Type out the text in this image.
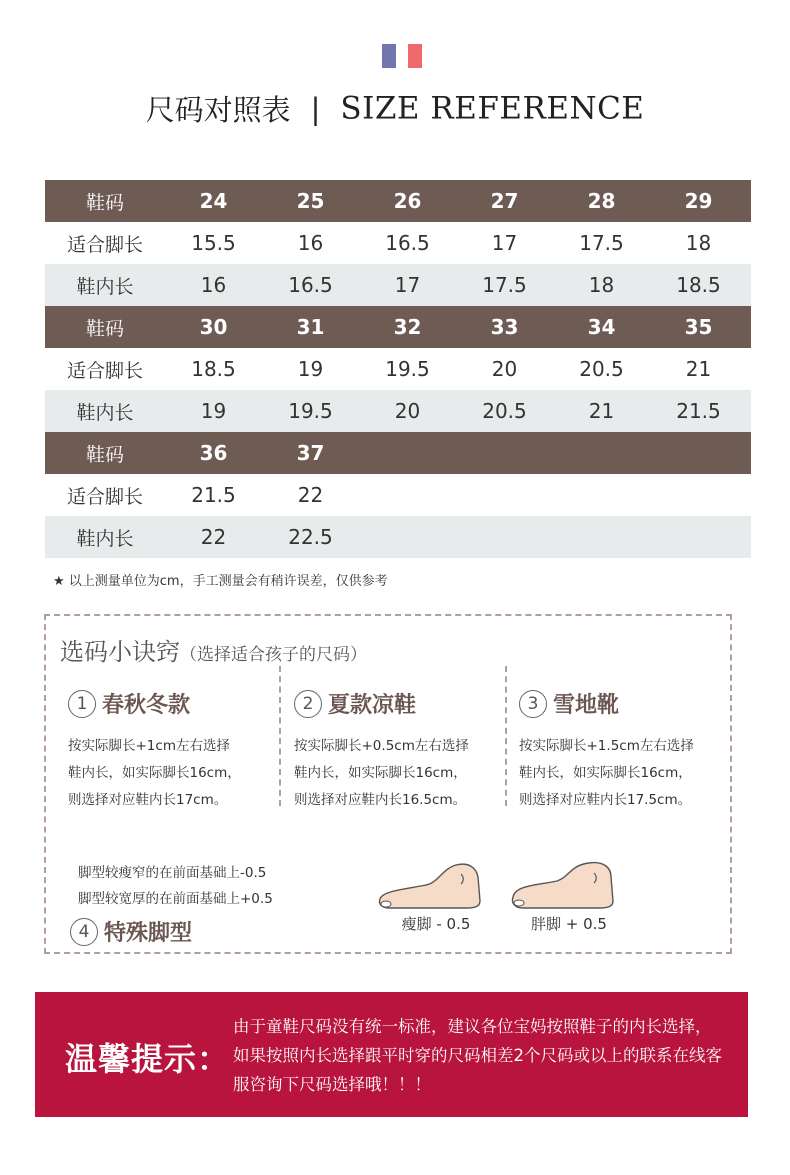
尺码对照表 | SIZE REFERENCE
鞋码	24	25	26	27	28	29
适合脚长	15.5	16	16.5	17	17.5	18
鞋内长	16	16.5	17	17.5	18	18.5
鞋码	30	31	32	33	34	35
适合脚长	18.5	19	19.5	20	20.5	21
鞋内长	19	19.5	20	20.5	21	21.5
鞋码	36	37
适合脚长	21.5	22
鞋内长	22	22.5
★ 以上测量单位为cm，手工测量会有稍许误差，仅供参考
选码小诀窍（选择适合孩子的尺码）
1 春秋冬款
按实际脚长+1cm左右选择
鞋内长，如实际脚长16cm，
则选择对应鞋内长17cm。
2 夏款凉鞋
按实际脚长+0.5cm左右选择
鞋内长，如实际脚长16cm，
则选择对应鞋内长16.5cm。
3 雪地靴
按实际脚长+1.5cm左右选择
鞋内长，如实际脚长16cm，
则选择对应鞋内长17.5cm。
4 特殊脚型
脚型较瘦窄的在前面基础上-0.5
脚型较宽厚的在前面基础上+0.5
瘦脚 - 0.5	胖脚 + 0.5
温馨提示：
由于童鞋尺码没有统一标准，建议各位宝妈按照鞋子的内长选择，如果按照内长选择跟平时穿的尺码相差2个尺码或以上的联系在线客服咨询下尺码选择哦！！！
